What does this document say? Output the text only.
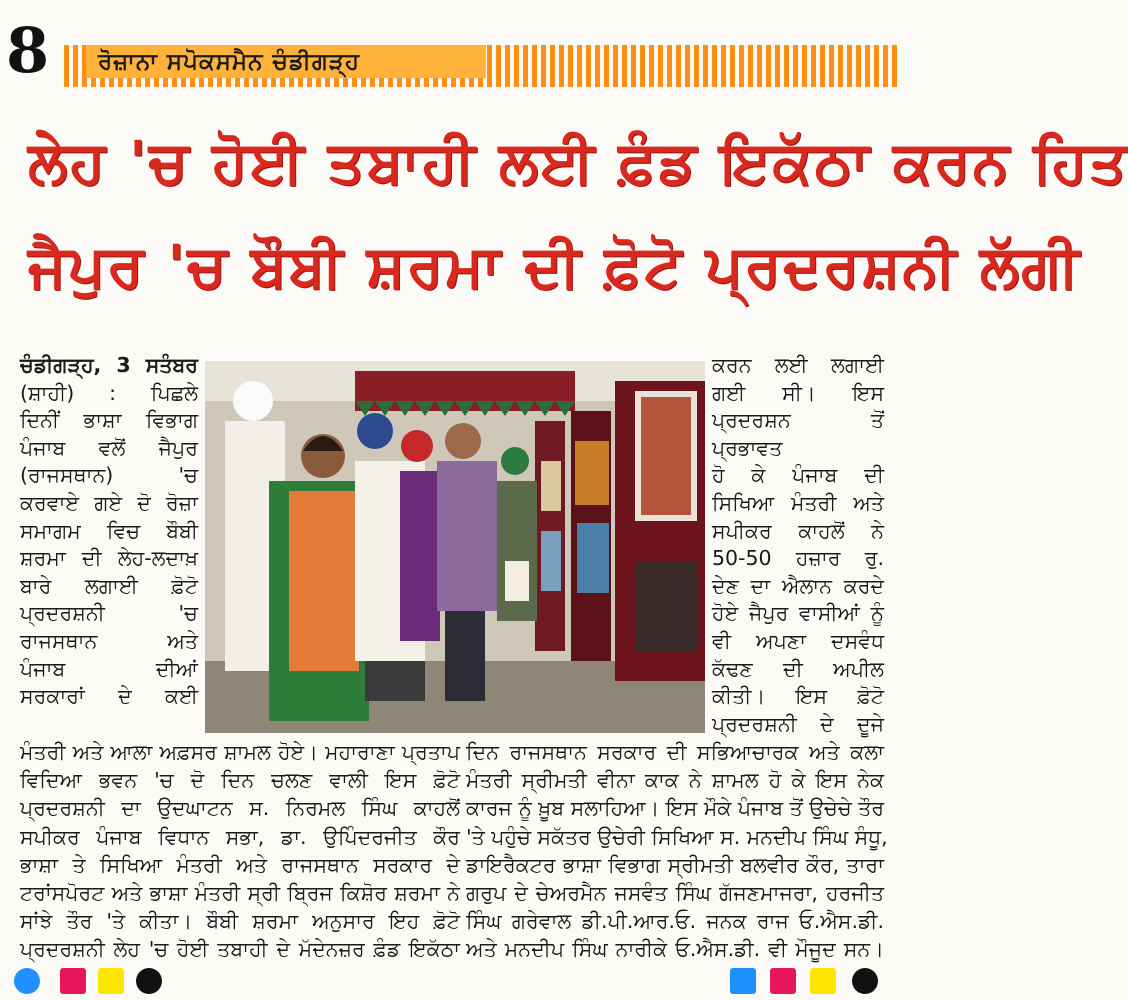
8 ਰੋਜ਼ਾਨਾ ਸਪੋਕਸਮੈਨ ਚੰਡੀਗੜ੍ਹ
ਲੇਹ 'ਚ ਹੋਈ ਤਬਾਹੀ ਲਈ ਫ਼ੰਡ ਇਕੱਠਾ ਕਰਨ ਹਿਤ
ਜੈਪੁਰ 'ਚ ਬੌਬੀ ਸ਼ਰਮਾ ਦੀ ਫ਼ੋਟੋ ਪ੍ਰਦਰਸ਼ਨੀ ਲੱਗੀ
ਚੰਡੀਗੜ੍ਹ, 3 ਸਤੰਬਰ
(ਸ਼ਾਹੀ) : ਪਿਛਲੇ
ਦਿਨੀਂ ਭਾਸ਼ਾ ਵਿਭਾਗ
ਪੰਜਾਬ ਵਲੋਂ ਜੈਪੁਰ
(ਰਾਜਸਥਾਨ) 'ਚ
ਕਰਵਾਏ ਗਏ ਦੋ ਰੋਜ਼ਾ
ਸਮਾਗਮ ਵਿਚ ਬੌਬੀ
ਸ਼ਰਮਾ ਦੀ ਲੇਹ-ਲਦਾਖ਼
ਬਾਰੇ ਲਗਾਈ ਫ਼ੋਟੋ
ਪ੍ਰਦਰਸ਼ਨੀ 'ਚ
ਰਾਜਸਥਾਨ ਅਤੇ
ਪੰਜਾਬ ਦੀਆਂ
ਸਰਕਾਰਾਂ ਦੇ ਕਈ
ਕਰਨ ਲਈ ਲਗਾਈ
ਗਈ ਸੀ। ਇਸ
ਪ੍ਰਦਰਸ਼ਨ ਤੋਂ ਪ੍ਰਭਾਵਤ
ਹੋ ਕੇ ਪੰਜਾਬ ਦੀ
ਸਿਖਿਆ ਮੰਤਰੀ ਅਤੇ
ਸਪੀਕਰ ਕਾਹਲੋਂ ਨੇ
50-50 ਹਜ਼ਾਰ ਰੁ.
ਦੇਣ ਦਾ ਐਲਾਨ ਕਰਦੇ
ਹੋਏ ਜੈਪੁਰ ਵਾਸੀਆਂ ਨੂੰ
ਵੀ ਅਪਣਾ ਦਸਵੰਧ
ਕੱਢਣ ਦੀ ਅਪੀਲ
ਕੀਤੀ। ਇਸ ਫ਼ੋਟੋ
ਪ੍ਰਦਰਸ਼ਨੀ ਦੇ ਦੂਜੇ
ਮੰਤਰੀ ਅਤੇ ਆਲਾ ਅਫ਼ਸਰ ਸ਼ਾਮਲ ਹੋਏ। ਮਹਾਰਾਣਾ ਪ੍ਰਤਾਪ
ਵਿਦਿਆ ਭਵਨ 'ਚ ਦੋ ਦਿਨ ਚਲਣ ਵਾਲੀ ਇਸ ਫ਼ੋਟੋ
ਪ੍ਰਦਰਸ਼ਨੀ ਦਾ ਉਦਘਾਟਨ ਸ. ਨਿਰਮਲ ਸਿੰਘ ਕਾਹਲੋਂ
ਸਪੀਕਰ ਪੰਜਾਬ ਵਿਧਾਨ ਸਭਾ, ਡਾ. ਉਪਿੰਦਰਜੀਤ ਕੌਰ
ਭਾਸ਼ਾ ਤੇ ਸਿਖਿਆ ਮੰਤਰੀ ਅਤੇ ਰਾਜਸਥਾਨ ਸਰਕਾਰ ਦੇ
ਟਰਾਂਸਪੋਰਟ ਅਤੇ ਭਾਸ਼ਾ ਮੰਤਰੀ ਸ੍ਰੀ ਬ੍ਰਿਜ ਕਿਸ਼ੋਰ ਸ਼ਰਮਾ ਨੇ
ਸਾਂਝੇ ਤੌਰ 'ਤੇ ਕੀਤਾ। ਬੌਬੀ ਸ਼ਰਮਾ ਅਨੁਸਾਰ ਇਹ ਫ਼ੋਟੋ
ਪ੍ਰਦਰਸ਼ਨੀ ਲੇਹ 'ਚ ਹੋਈ ਤਬਾਹੀ ਦੇ ਮੱਦੇਨਜ਼ਰ ਫ਼ੰਡ ਇਕੱਠਾ
ਦਿਨ ਰਾਜਸਥਾਨ ਸਰਕਾਰ ਦੀ ਸਭਿਆਚਾਰਕ ਅਤੇ ਕਲਾ
ਮੰਤਰੀ ਸ੍ਰੀਮਤੀ ਵੀਨਾ ਕਾਕ ਨੇ ਸ਼ਾਮਲ ਹੋ ਕੇ ਇਸ ਨੇਕ
ਕਾਰਜ ਨੂੰ ਖ਼ੂਬ ਸਲਾਹਿਆ। ਇਸ ਮੌਕੇ ਪੰਜਾਬ ਤੋਂ ਉਚੇਚੇ ਤੌਰ
'ਤੇ ਪਹੁੰਚੇ ਸਕੱਤਰ ਉਚੇਰੀ ਸਿਖਿਆ ਸ. ਮਨਦੀਪ ਸਿੰਘ ਸੰਧੂ,
ਡਾਇਰੈਕਟਰ ਭਾਸ਼ਾ ਵਿਭਾਗ ਸ੍ਰੀਮਤੀ ਬਲਵੀਰ ਕੌਰ, ਤਾਰਾ
ਗਰੁਪ ਦੇ ਚੇਅਰਮੈਨ ਜਸਵੰਤ ਸਿੰਘ ਗੱਜਣਮਾਜਰਾ, ਹਰਜੀਤ
ਸਿੰਘ ਗਰੇਵਾਲ ਡੀ.ਪੀ.ਆਰ.ਓ. ਜਨਕ ਰਾਜ ਓ.ਐਸ.ਡੀ.
ਅਤੇ ਮਨਦੀਪ ਸਿੰਘ ਨਾਰੀਕੇ ਓ.ਐਸ.ਡੀ. ਵੀ ਮੌਜੂਦ ਸਨ।
